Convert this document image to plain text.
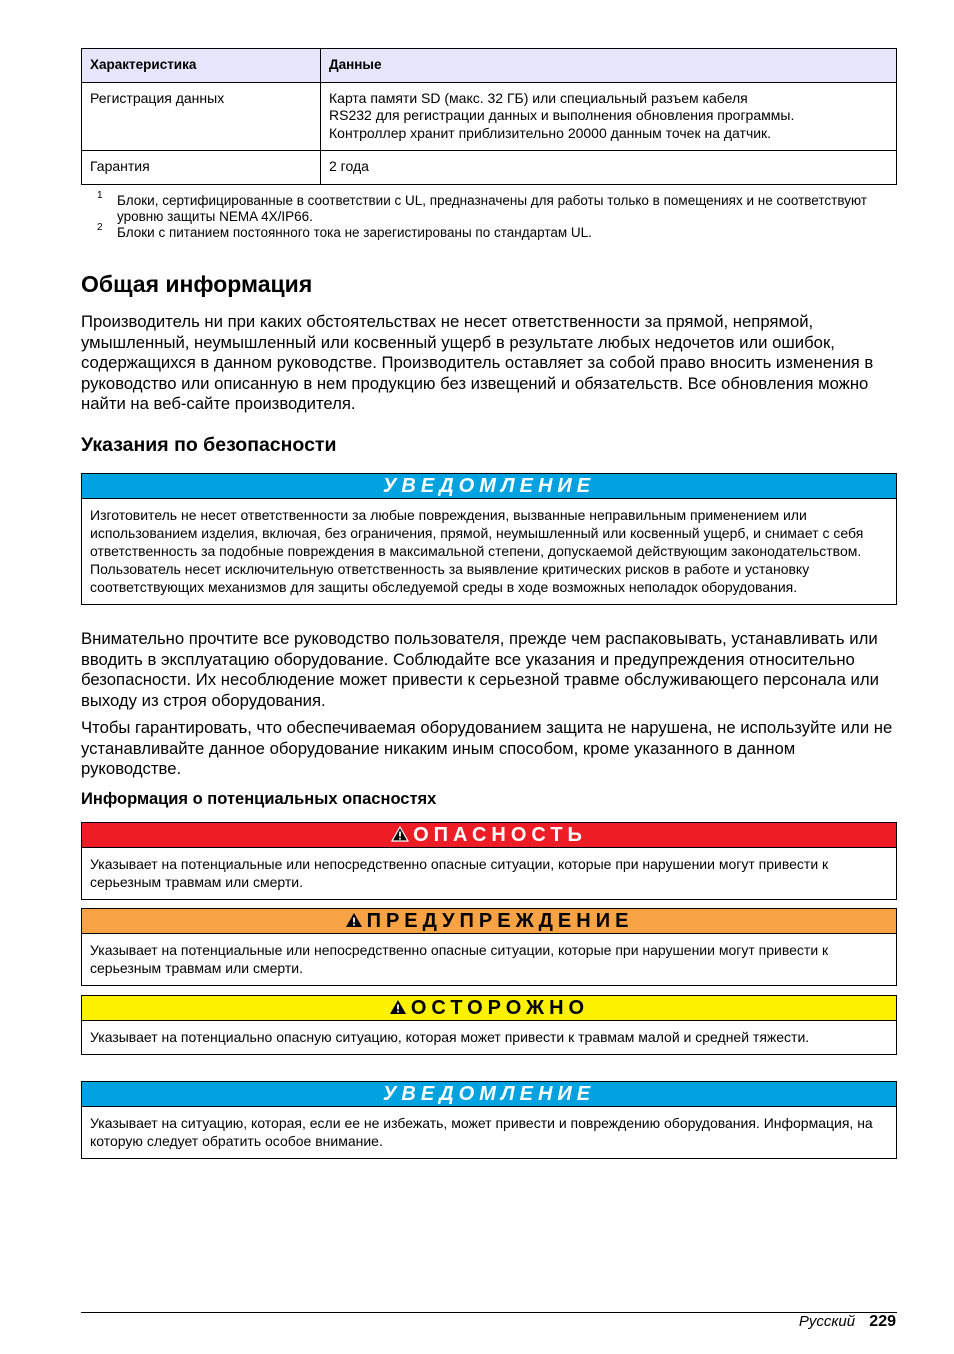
Характеристика	Данные
Регистрация данных	Карта памяти SD (макс. 32 ГБ) или специальный разъем кабеля
RS232 для регистрации данных и выполнения обновления программы.
Контроллер хранит приблизительно 20000 данным точек на датчик.
Гарантия	2 года
1	Блоки, сертифицированные в соответствии с UL, предназначены для работы только в помещениях и не соответствуют уровню защиты NEMA 4X/IP66.
2	Блоки с питанием постоянного тока не зарегистированы по стандартам UL.
Общая информация

Производитель ни при каких обстоятельствах не несет ответственности за прямой, непрямой, умышленный, неумышленный или косвенный ущерб в результате любых недочетов или ошибок, содержащихся в данном руководстве. Производитель оставляет за собой право вносить изменения в руководство или описанную в нем продукцию без извещений и обязательств. Все обновления можно найти на веб-сайте производителя.

Указания по безопасности
УВЕДОМЛЕНИЕ
Изготовитель не несет ответственности за любые повреждения, вызванные неправильным применением или использованием изделия, включая, без ограничения, прямой, неумышленный или косвенный ущерб, и снимает с себя ответственность за подобные повреждения в максимальной степени, допускаемой действующим законодательством. Пользователь несет исключительную ответственность за выявление критических рисков в работе и установку соответствующих механизмов для защиты обследуемой среды в ходе возможных неполадок оборудования.

Внимательно прочтите все руководство пользователя, прежде чем распаковывать, устанавливать или вводить в эксплуатацию оборудование. Соблюдайте все указания и предупреждения относительно безопасности. Их несоблюдение может привести к серьезной травме обслуживающего персонала или выходу из строя оборудования.

Чтобы гарантировать, что обеспечиваемая оборудованием защита не нарушена, не используйте или не устанавливайте данное оборудование никаким иным способом, кроме указанного в данном руководстве.

Информация о потенциальных опасностях
ОПАСНОСТЬ
Указывает на потенциальные или непосредственно опасные ситуации, которые при нарушении могут привести к серьезным травмам или смерти.
ПРЕДУПРЕЖДЕНИЕ
Указывает на потенциальные или непосредственно опасные ситуации, которые при нарушении могут привести к серьезным травмам или смерти.
ОСТОРОЖНО
Указывает на потенциально опасную ситуацию, которая может привести к травмам малой и средней тяжести.
УВЕДОМЛЕНИЕ
Указывает на ситуацию, которая, если ее не избежать, может привести и повреждению оборудования. Информация, на которую следует обратить особое внимание.
Русский 229
